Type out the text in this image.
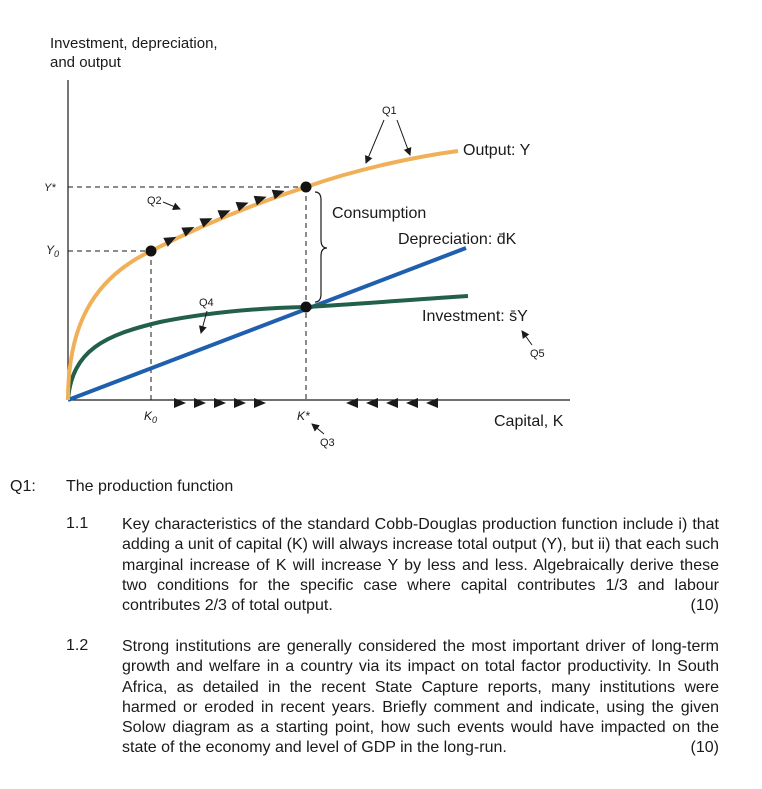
Investment, depreciation,
and output
Consumption
Output: Y
Depreciation: d̄K
Investment: s̄Y
Capital, K
Y*
$Y_0$
$K_0$	K*
Q1
Q2
Q3
Q4
Q5
Q1: The production function
1.1 Key characteristics of the standard Cobb-Douglas production function include i) that adding a unit of capital (K) will always increase total output (Y), but ii) that each such marginal increase of K will increase Y by less and less. Algebraically derive these two conditions for the specific case where capital contributes 1/3 and labour contributes 2/3 of total output.	(10)
1.2 Strong institutions are generally considered the most important driver of long-term growth and welfare in a country via its impact on total factor productivity. In South Africa, as detailed in the recent State Capture reports, many institutions were harmed or eroded in recent years. Briefly comment and indicate, using the given Solow diagram as a starting point, how such events would have impacted on the state of the economy and level of GDP in the long-run.	(10)
